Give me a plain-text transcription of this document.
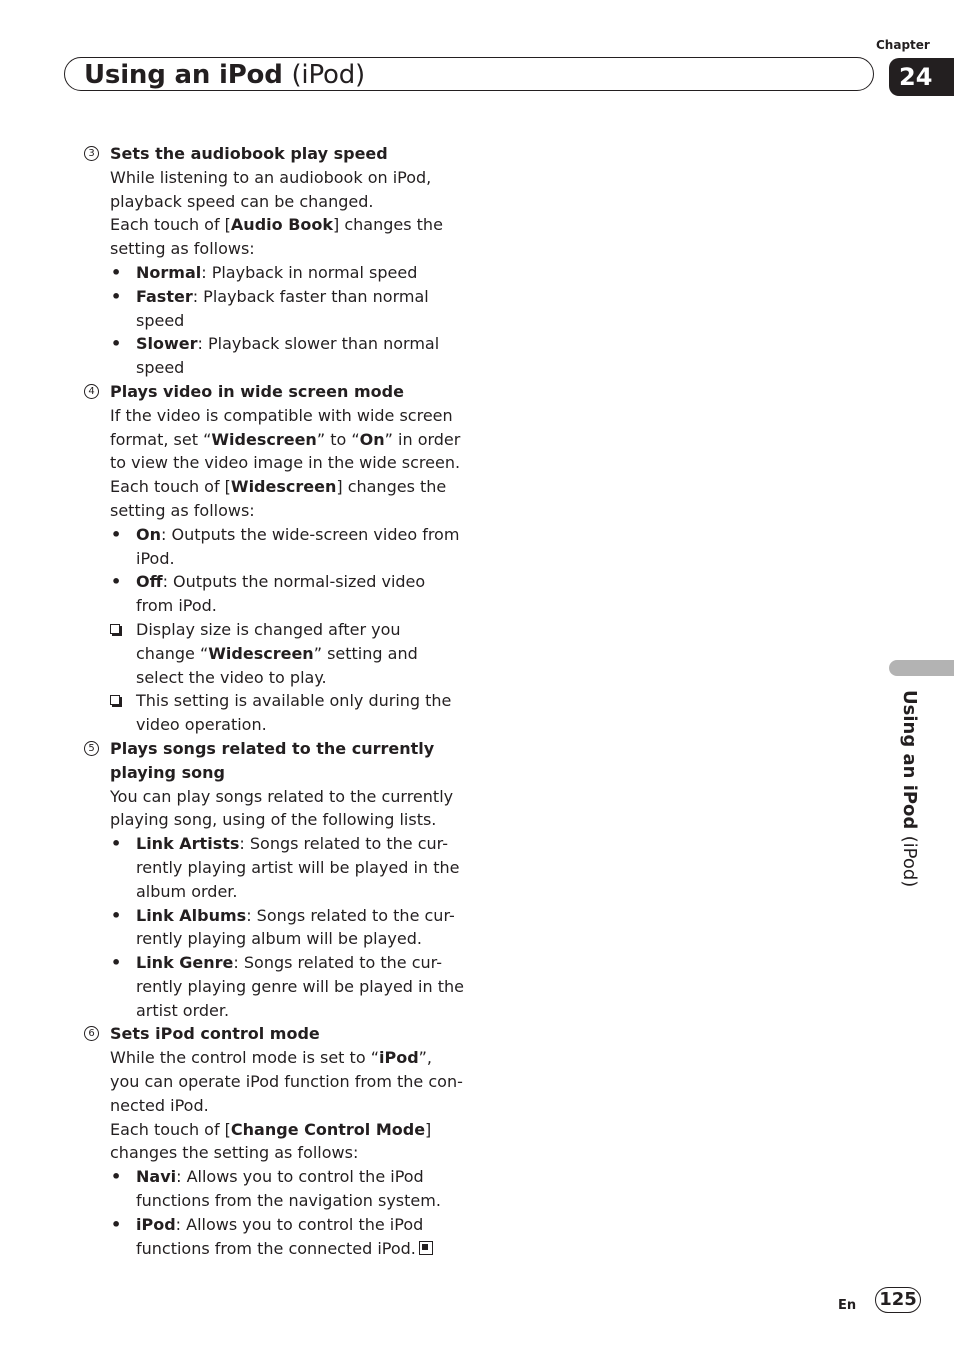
Chapter
Using an iPod (iPod)	24
Using an iPod (iPod)
3 Sets the audiobook play speed
While listening to an audiobook on iPod, playback speed can be changed.
Each touch of [Audio Book] changes the setting as follows:
• Normal: Playback in normal speed
• Faster: Playback faster than normal speed
• Slower: Playback slower than normal speed
4 Plays video in wide screen mode
If the video is compatible with wide screen format, set “Widescreen” to “On” in order to view the video image in the wide screen.
Each touch of [Widescreen] changes the setting as follows:
• On: Outputs the wide-screen video from iPod.
• Off: Outputs the normal-sized video from iPod.
Display size is changed after you change “Widescreen” setting and select the video to play.
This setting is available only during the video operation.
5 Plays songs related to the currently playing song
You can play songs related to the currently playing song, using of the following lists.
• Link Artists: Songs related to the cur-rently playing artist will be played in the album order.
• Link Albums: Songs related to the cur-rently playing album will be played.
• Link Genre: Songs related to the cur-rently playing genre will be played in the artist order.
6 Sets iPod control mode
While the control mode is set to “iPod”, you can operate iPod function from the con-nected iPod.
Each touch of [Change Control Mode] changes the setting as follows:
• Navi: Allows you to control the iPod functions from the navigation system.
• iPod: Allows you to control the iPod functions from the connected iPod.
En 125
